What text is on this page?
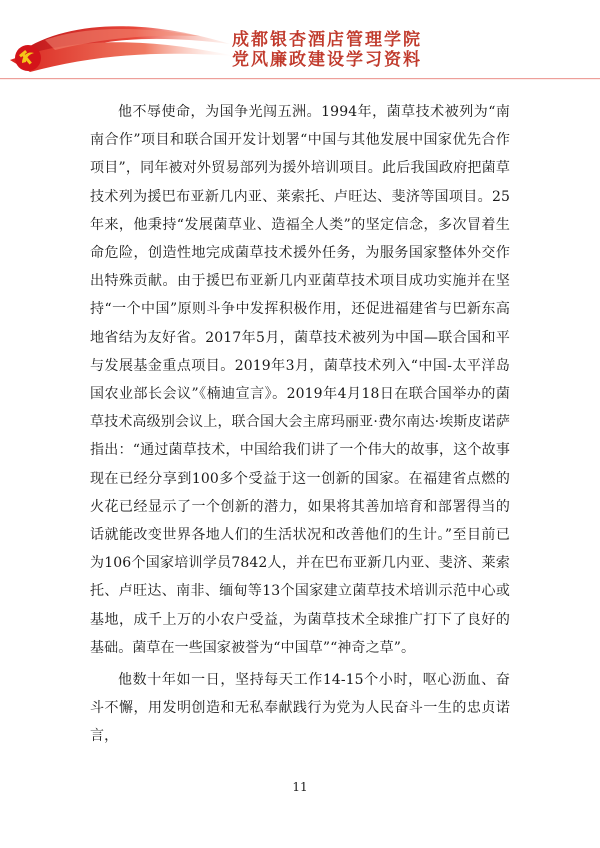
成都银杏酒店管理学院
党风廉政建设学习资料

他不辱使命，为国争光闯五洲。1994年，菌草技术被列为“南南合作”项目和联合国开发计划署“中国与其他发展中国家优先合作项目”，同年被对外贸易部列为援外培训项目。此后我国政府把菌草技术列为援巴布亚新几内亚、莱索托、卢旺达、斐济等国项目。25年来，他秉持“发展菌草业、造福全人类”的坚定信念，多次冒着生命危险，创造性地完成菌草技术援外任务，为服务国家整体外交作出特殊贡献。由于援巴布亚新几内亚菌草技术项目成功实施并在坚持“一个中国”原则斗争中发挥积极作用，还促进福建省与巴新东高地省结为友好省。2017年5月，菌草技术被列为中国—联合国和平与发展基金重点项目。2019年3月，菌草技术列入“中国-太平洋岛国农业部长会议”《楠迪宣言》。2019年4月18日在联合国举办的菌草技术高级别会议上，联合国大会主席玛丽亚·费尔南达·埃斯皮诺萨指出：“通过菌草技术，中国给我们讲了一个伟大的故事，这个故事现在已经分享到100多个受益于这一创新的国家。在福建省点燃的火花已经显示了一个创新的潜力，如果将其善加培育和部署得当的话就能改变世界各地人们的生活状况和改善他们的生计。”至目前已为106个国家培训学员7842人，并在巴布亚新几内亚、斐济、莱索托、卢旺达、南非、缅甸等13个国家建立菌草技术培训示范中心或基地，成千上万的小农户受益，为菌草技术全球推广打下了良好的基础。菌草在一些国家被誉为“中国草”“神奇之草”。

他数十年如一日，坚持每天工作14-15个小时，呕心沥血、奋斗不懈，用发明创造和无私奉献践行为党为人民奋斗一生的忠贞诺言，

11
